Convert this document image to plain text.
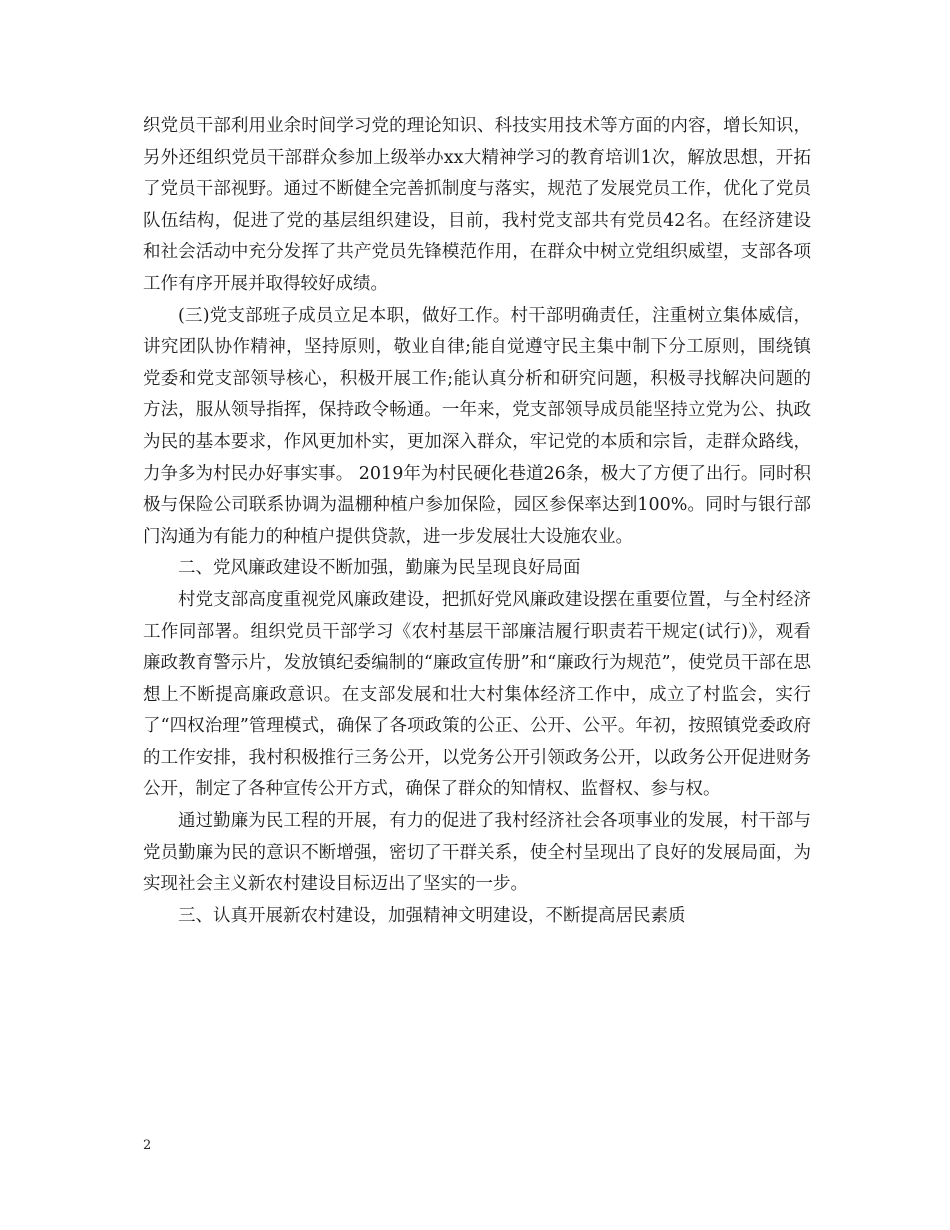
织党员干部利用业余时间学习党的理论知识、科技实用技术等方面的内容，增长知识，另外还组织党员干部群众参加上级举办xx大精神学习的教育培训1次，解放思想，开拓了党员干部视野。通过不断健全完善抓制度与落实，规范了发展党员工作，优化了党员队伍结构，促进了党的基层组织建设，目前，我村党支部共有党员42名。在经济建设和社会活动中充分发挥了共产党员先锋模范作用，在群众中树立党组织威望，支部各项工作有序开展并取得较好成绩。

(三)党支部班子成员立足本职，做好工作。村干部明确责任，注重树立集体威信，讲究团队协作精神，坚持原则，敬业自律;能自觉遵守民主集中制下分工原则，围绕镇党委和党支部领导核心，积极开展工作;能认真分析和研究问题，积极寻找解决问题的方法，服从领导指挥，保持政令畅通。一年来，党支部领导成员能坚持立党为公、执政为民的基本要求，作风更加朴实，更加深入群众，牢记党的本质和宗旨，走群众路线，力争多为村民办好事实事。 2019年为村民硬化巷道26条，极大了方便了出行。同时积极与保险公司联系协调为温棚种植户参加保险，园区参保率达到100%。同时与银行部门沟通为有能力的种植户提供贷款，进一步发展壮大设施农业。

二、党风廉政建设不断加强，勤廉为民呈现良好局面

村党支部高度重视党风廉政建设，把抓好党风廉政建设摆在重要位置，与全村经济工作同部署。组织党员干部学习《农村基层干部廉洁履行职责若干规定(试行)》，观看廉政教育警示片，发放镇纪委编制的“廉政宣传册”和“廉政行为规范”，使党员干部在思想上不断提高廉政意识。在支部发展和壮大村集体经济工作中，成立了村监会，实行了“四权治理”管理模式，确保了各项政策的公正、公开、公平。年初，按照镇党委政府的工作安排，我村积极推行三务公开，以党务公开引领政务公开，以政务公开促进财务公开，制定了各种宣传公开方式，确保了群众的知情权、监督权、参与权。

通过勤廉为民工程的开展，有力的促进了我村经济社会各项事业的发展，村干部与党员勤廉为民的意识不断增强，密切了干群关系，使全村呈现出了良好的发展局面，为实现社会主义新农村建设目标迈出了坚实的一步。

三、认真开展新农村建设，加强精神文明建设，不断提高居民素质

2
